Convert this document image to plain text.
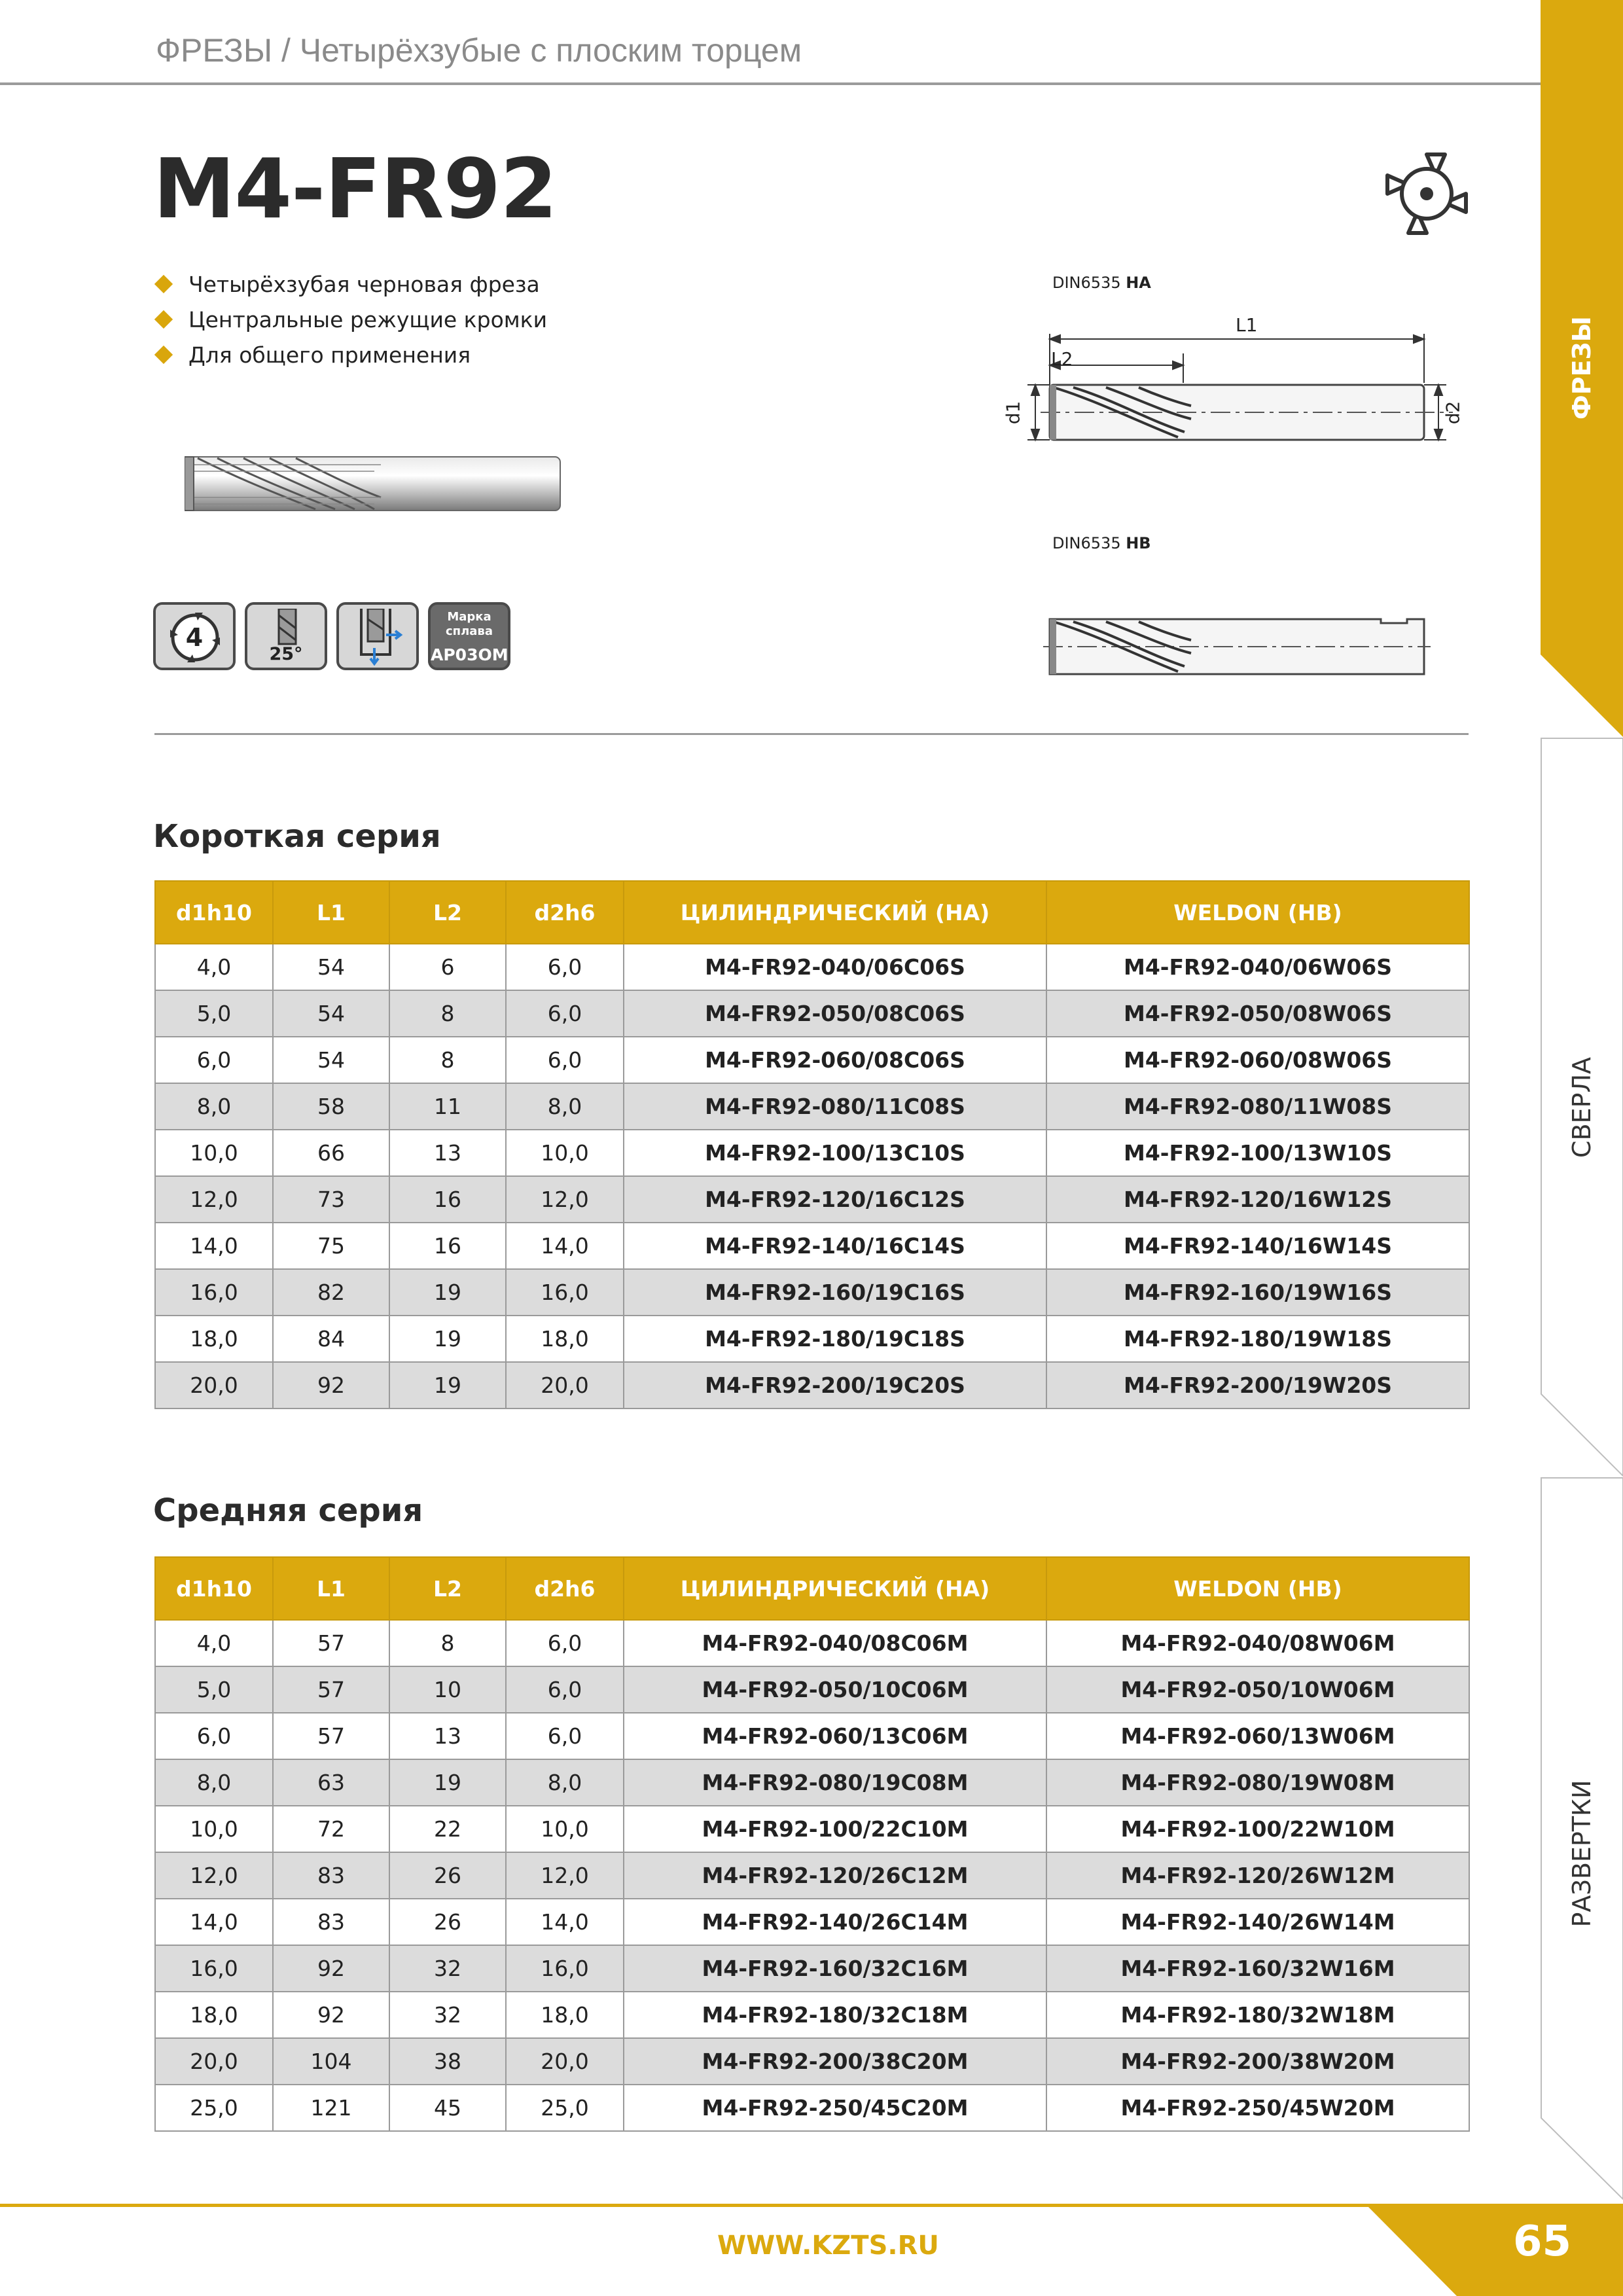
ФРЕЗЫ / Четырёхзубые с плоским торцем
M4-FR92
ФРЕЗЫ
СВЕРЛА
РАЗВЕРТКИ
Четырёхзубая черновая фреза
Центральные режущие кромки
Для общего применения
4
25°
Марка
сплава
AP03OM
DIN6535 HA
L2
L1
d1	d2
DIN6535 HB
Короткая серия
d1h10	L1	L2	d2h6	ЦИЛИНДРИЧЕСКИЙ (HA)	WELDON (HB)
4,0	54	6	6,0	M4-FR92-040/06C06S	M4-FR92-040/06W06S
5,0	54	8	6,0	M4-FR92-050/08C06S	M4-FR92-050/08W06S
6,0	54	8	6,0	M4-FR92-060/08C06S	M4-FR92-060/08W06S
8,0	58	11	8,0	M4-FR92-080/11C08S	M4-FR92-080/11W08S
10,0	66	13	10,0	M4-FR92-100/13C10S	M4-FR92-100/13W10S
12,0	73	16	12,0	M4-FR92-120/16C12S	M4-FR92-120/16W12S
14,0	75	16	14,0	M4-FR92-140/16C14S	M4-FR92-140/16W14S
16,0	82	19	16,0	M4-FR92-160/19C16S	M4-FR92-160/19W16S
18,0	84	19	18,0	M4-FR92-180/19C18S	M4-FR92-180/19W18S
20,0	92	19	20,0	M4-FR92-200/19C20S	M4-FR92-200/19W20S
Средняя серия
d1h10	L1	L2	d2h6	ЦИЛИНДРИЧЕСКИЙ (HA)	WELDON (HB)
4,0	57	8	6,0	M4-FR92-040/08C06M	M4-FR92-040/08W06M
5,0	57	10	6,0	M4-FR92-050/10C06M	M4-FR92-050/10W06M
6,0	57	13	6,0	M4-FR92-060/13C06M	M4-FR92-060/13W06M
8,0	63	19	8,0	M4-FR92-080/19C08M	M4-FR92-080/19W08M
10,0	72	22	10,0	M4-FR92-100/22C10M	M4-FR92-100/22W10M
12,0	83	26	12,0	M4-FR92-120/26C12M	M4-FR92-120/26W12M
14,0	83	26	14,0	M4-FR92-140/26C14M	M4-FR92-140/26W14M
16,0	92	32	16,0	M4-FR92-160/32C16M	M4-FR92-160/32W16M
18,0	92	32	18,0	M4-FR92-180/32C18M	M4-FR92-180/32W18M
20,0	104	38	20,0	M4-FR92-200/38C20M	M4-FR92-200/38W20M
25,0	121	45	25,0	M4-FR92-250/45C20M	M4-FR92-250/45W20M
WWW.KZTS.RU	65
